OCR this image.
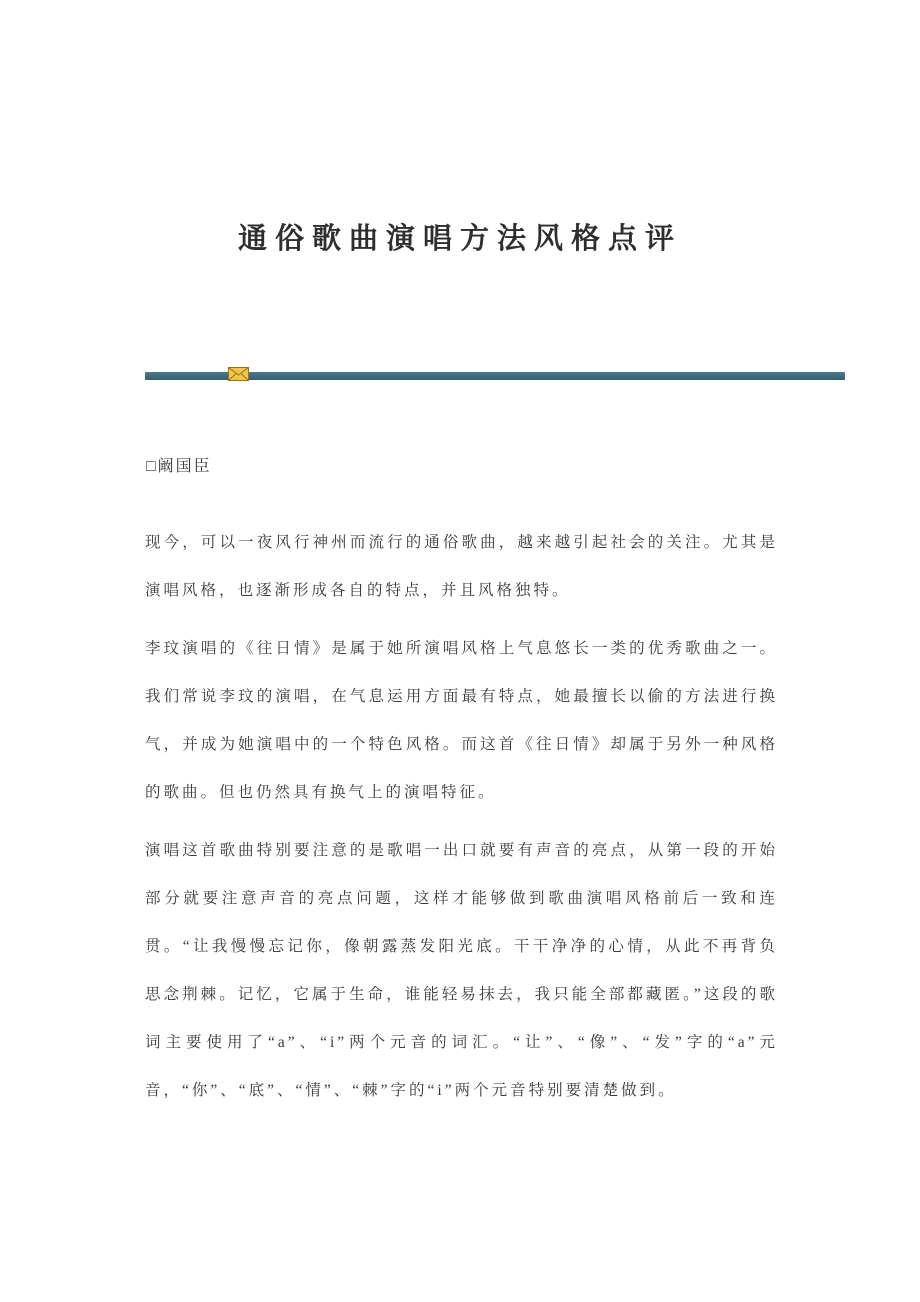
通俗歌曲演唱方法风格点评

□阚国臣

现今，可以一夜风行神州而流行的通俗歌曲，越来越引起社会的关注。尤其是演唱风格，也逐渐形成各自的特点，并且风格独特。

李玟演唱的《往日情》是属于她所演唱风格上气息悠长一类的优秀歌曲之一。我们常说李玟的演唱，在气息运用方面最有特点，她最擅长以偷的方法进行换气，并成为她演唱中的一个特色风格。而这首《往日情》却属于另外一种风格的歌曲。但也仍然具有换气上的演唱特征。

演唱这首歌曲特别要注意的是歌唱一出口就要有声音的亮点，从第一段的开始部分就要注意声音的亮点问题，这样才能够做到歌曲演唱风格前后一致和连贯。“让我慢慢忘记你，像朝露蒸发阳光底。干干净净的心情，从此不再背负思念荆棘。记忆，它属于生命，谁能轻易抹去，我只能全部都藏匿。”这段的歌词主要使用了“a”、“i”两个元音的词汇。“让”、“像”、“发”字的“a”元音，“你”、“底”、“情”、“棘”字的“i”两个元音特别要清楚做到。
